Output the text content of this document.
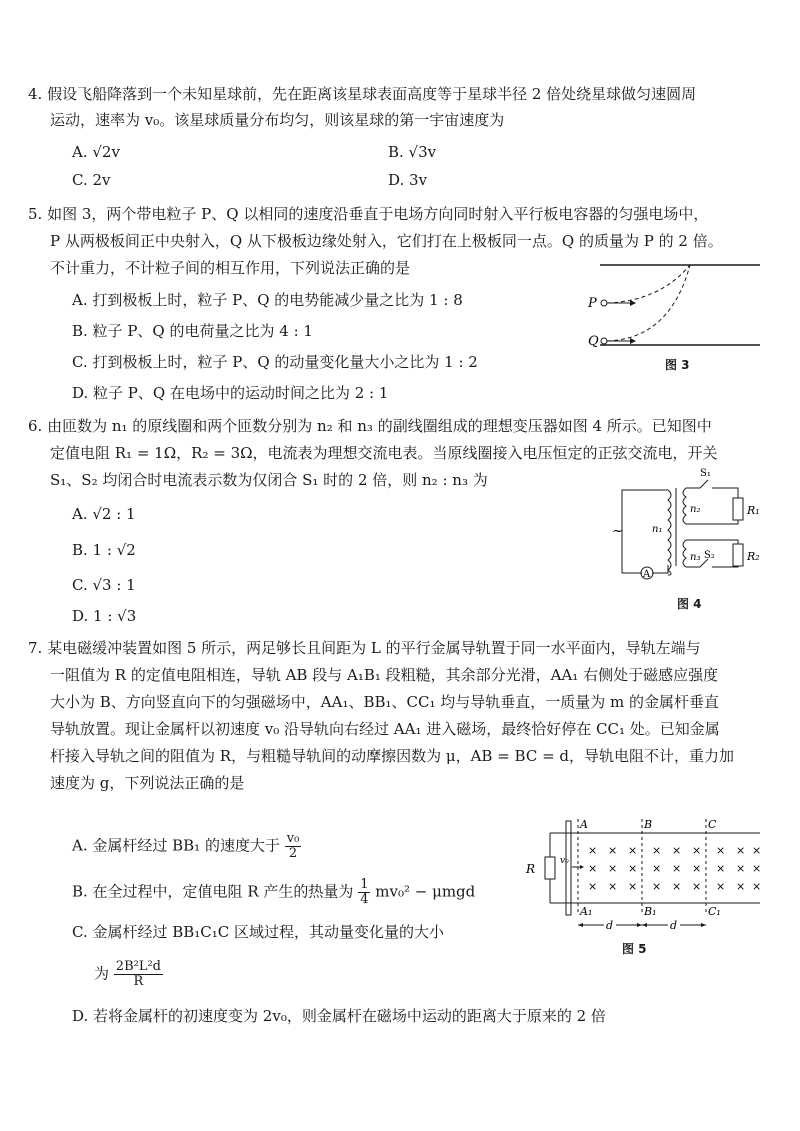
4. 假设飞船降落到一个未知星球前，先在距离该星球表面高度等于星球半径 2 倍处绕星球做匀速圆周
运动，速率为 v₀。该星球质量分布均匀，则该星球的第一宇宙速度为
A. √2v	B. √3v
C. 2v	D. 3v
5. 如图 3，两个带电粒子 P、Q 以相同的速度沿垂直于电场方向同时射入平行板电容器的匀强电场中，
P 从两极板间正中央射入，Q 从下极板边缘处射入，它们打在上极板同一点。Q 的质量为 P 的 2 倍。
不计重力，不计粒子间的相互作用，下列说法正确的是
A. 打到极板上时，粒子 P、Q 的电势能减少量之比为 1 : 8
B. 粒子 P、Q 的电荷量之比为 4 : 1
C. 打到极板上时，粒子 P、Q 的动量变化量大小之比为 1 : 2
D. 粒子 P、Q 在电场中的运动时间之比为 2 : 1
P
Q
图 3
6. 由匝数为 n₁ 的原线圈和两个匝数分别为 n₂ 和 n₃ 的副线圈组成的理想变压器如图 4 所示。已知图中
定值电阻 R₁ = 1Ω，R₂ = 3Ω，电流表为理想交流电表。当原线圈接入电压恒定的正弦交流电，开关
S₁、S₂ 均闭合时电流表示数为仅闭合 S₁ 时的 2 倍，则 n₂ : n₃ 为
A. √2 : 1
B. 1 : √2
C. √3 : 1
D. 1 : √3
A
~	n₁
n₂
S₁
R₁
n₃	R₂
S₂
图 4
7. 某电磁缓冲装置如图 5 所示，两足够长且间距为 L 的平行金属导轨置于同一水平面内，导轨左端与
一阻值为 R 的定值电阻相连，导轨 AB 段与 A₁B₁ 段粗糙，其余部分光滑，AA₁ 右侧处于磁感应强度
大小为 B、方向竖直向下的匀强磁场中，AA₁、BB₁、CC₁ 均与导轨垂直，一质量为 m 的金属杆垂直
导轨放置。现让金属杆以初速度 v₀ 沿导轨向右经过 AA₁ 进入磁场，最终恰好停在 CC₁ 处。已知金属
杆接入导轨之间的阻值为 R，与粗糙导轨间的动摩擦因数为 μ，AB = BC = d，导轨电阻不计，重力加
速度为 g，下列说法正确的是
A. 金属杆经过 BB₁ 的速度大于 $\frac{\text{v₀}}{2}$
B. 在全过程中，定值电阻 R 产生的热量为 $\frac{1}{4} mv_0^2 - \mu mgd$
C. 金属杆经过 BB₁C₁C 区域过程，其动量变化量的大小
为 $\frac{\text{2B²L²d}}{R}$
D. 若将金属杆的初速度变为 2v₀，则金属杆在磁场中运动的距离大于原来的 2 倍
R
v₀
A	B	C
A₁	B₁	C₁
× × × × × × × × ×
× × × × × × × × ×
× × × × × × × × ×
d	d
图 5
